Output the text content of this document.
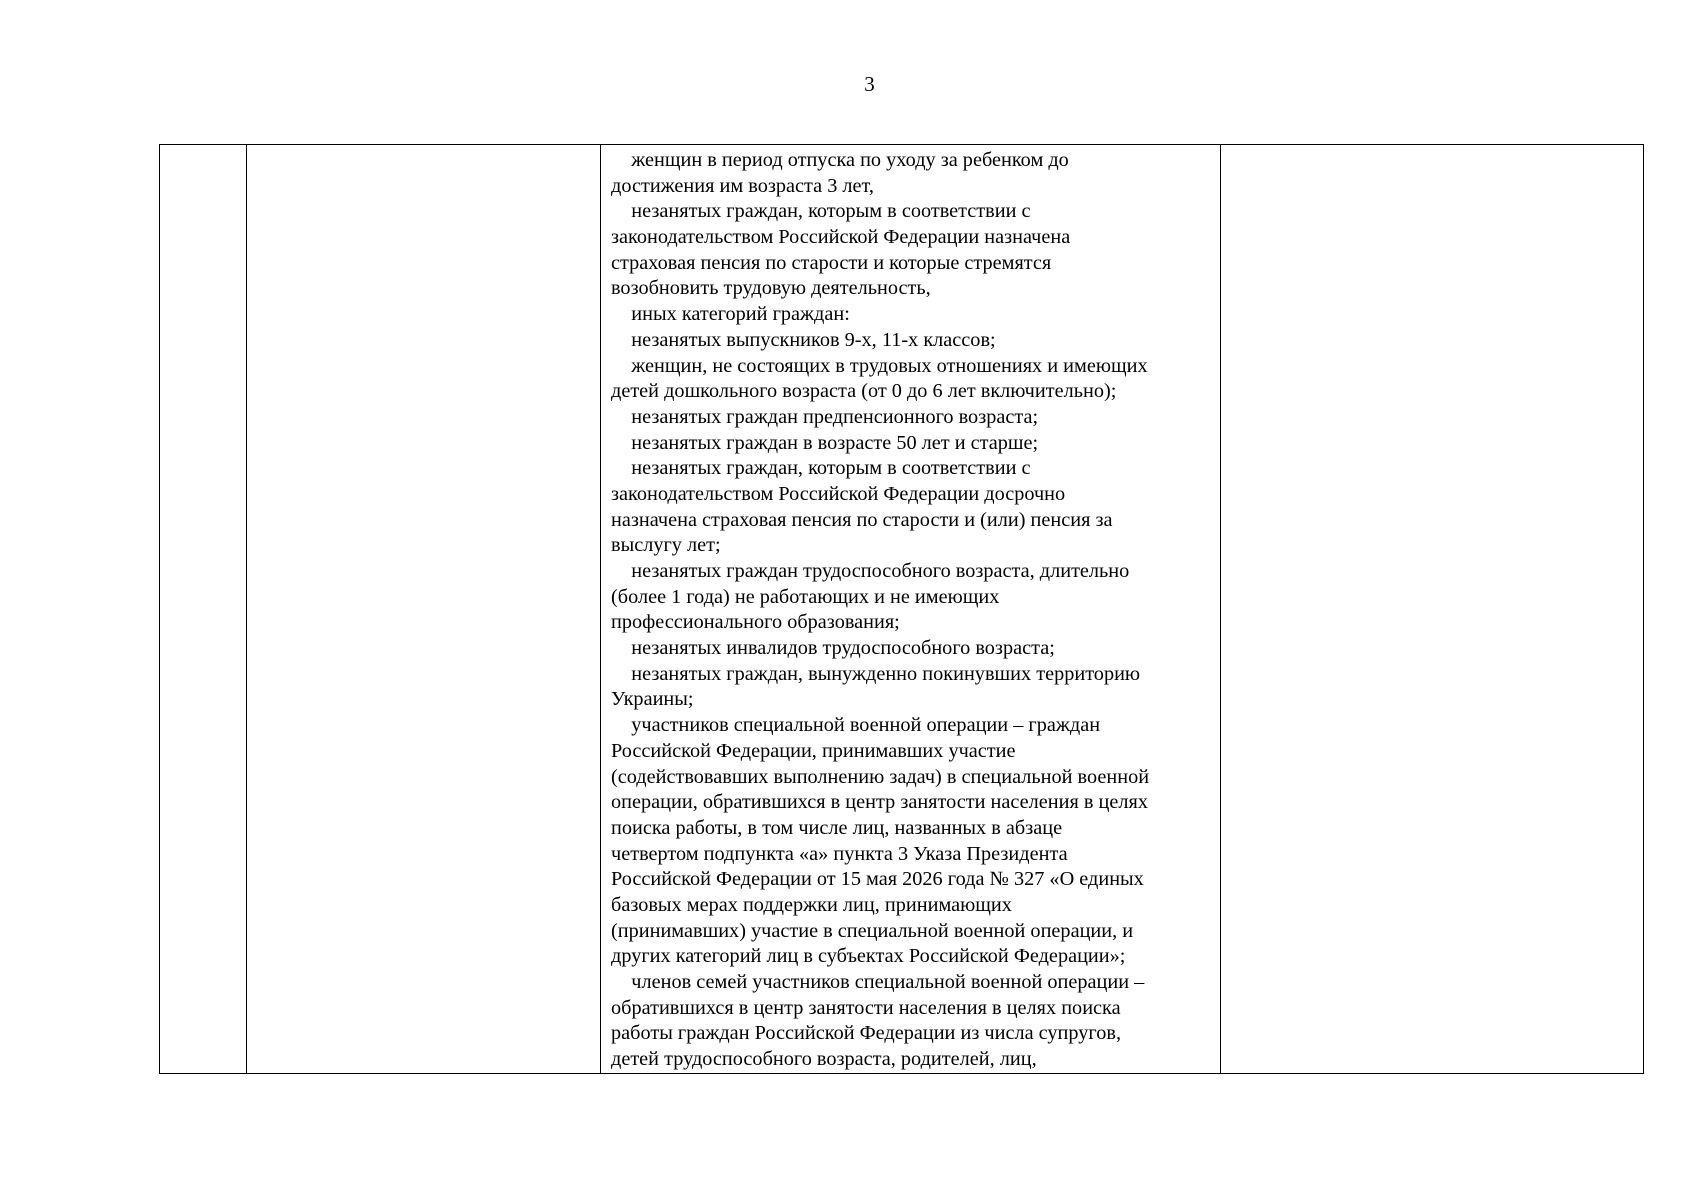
3

женщин в период отпуска по уходу за ребенком до
достижения им возраста 3 лет,
незанятых граждан, которым в соответствии с
законодательством Российской Федерации назначена
страховая пенсия по старости и которые стремятся
возобновить трудовую деятельность,
иных категорий граждан:
незанятых выпускников 9-х, 11-х классов;
женщин, не состоящих в трудовых отношениях и имеющих
детей дошкольного возраста (от 0 до 6 лет включительно);
незанятых граждан предпенсионного возраста;
незанятых граждан в возрасте 50 лет и старше;
незанятых граждан, которым в соответствии с
законодательством Российской Федерации досрочно
назначена страховая пенсия по старости и (или) пенсия за
выслугу лет;
незанятых граждан трудоспособного возраста, длительно
(более 1 года) не работающих и не имеющих
профессионального образования;
незанятых инвалидов трудоспособного возраста;
незанятых граждан, вынужденно покинувших территорию
Украины;
участников специальной военной операции – граждан
Российской Федерации, принимавших участие
(содействовавших выполнению задач) в специальной военной
операции, обратившихся в центр занятости населения в целях
поиска работы, в том числе лиц, названных в абзаце
четвертом подпункта «а» пункта 3 Указа Президента
Российской Федерации от 15 мая 2026 года № 327 «О единых
базовых мерах поддержки лиц, принимающих
(принимавших) участие в специальной военной операции, и
других категорий лиц в субъектах Российской Федерации»;
членов семей участников специальной военной операции –
обратившихся в центр занятости населения в целях поиска
работы граждан Российской Федерации из числа супругов,
детей трудоспособного возраста, родителей, лиц,
